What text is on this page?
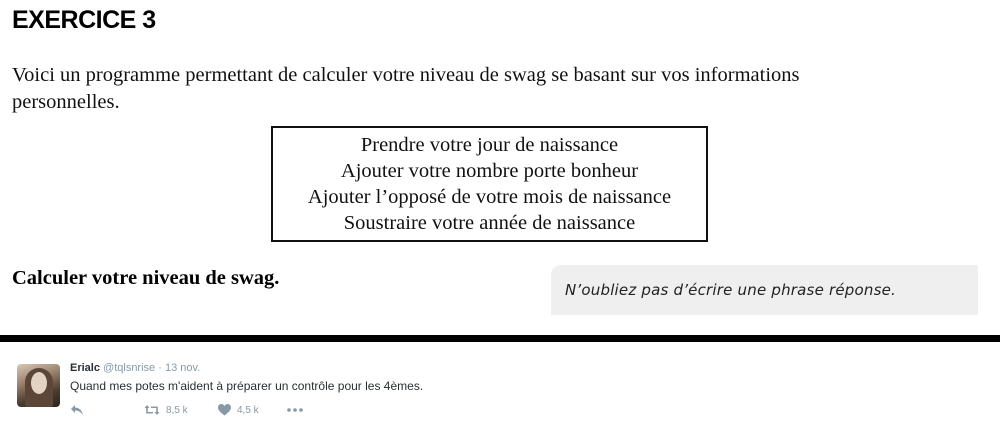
EXERCICE 3
Voici un programme permettant de calculer votre niveau de swag se basant sur vos informations personnelles.
Prendre votre jour de naissance
Ajouter votre nombre porte bonheur
Ajouter l’opposé de votre mois de naissance
Soustraire votre année de naissance
Calculer votre niveau de swag.
N’oubliez pas d’écrire une phrase réponse.
Erialc @tqlsnrise · 13 nov.
Quand mes potes m'aident à préparer un contrôle pour les 4èmes.
8,5 k	4,5 k
